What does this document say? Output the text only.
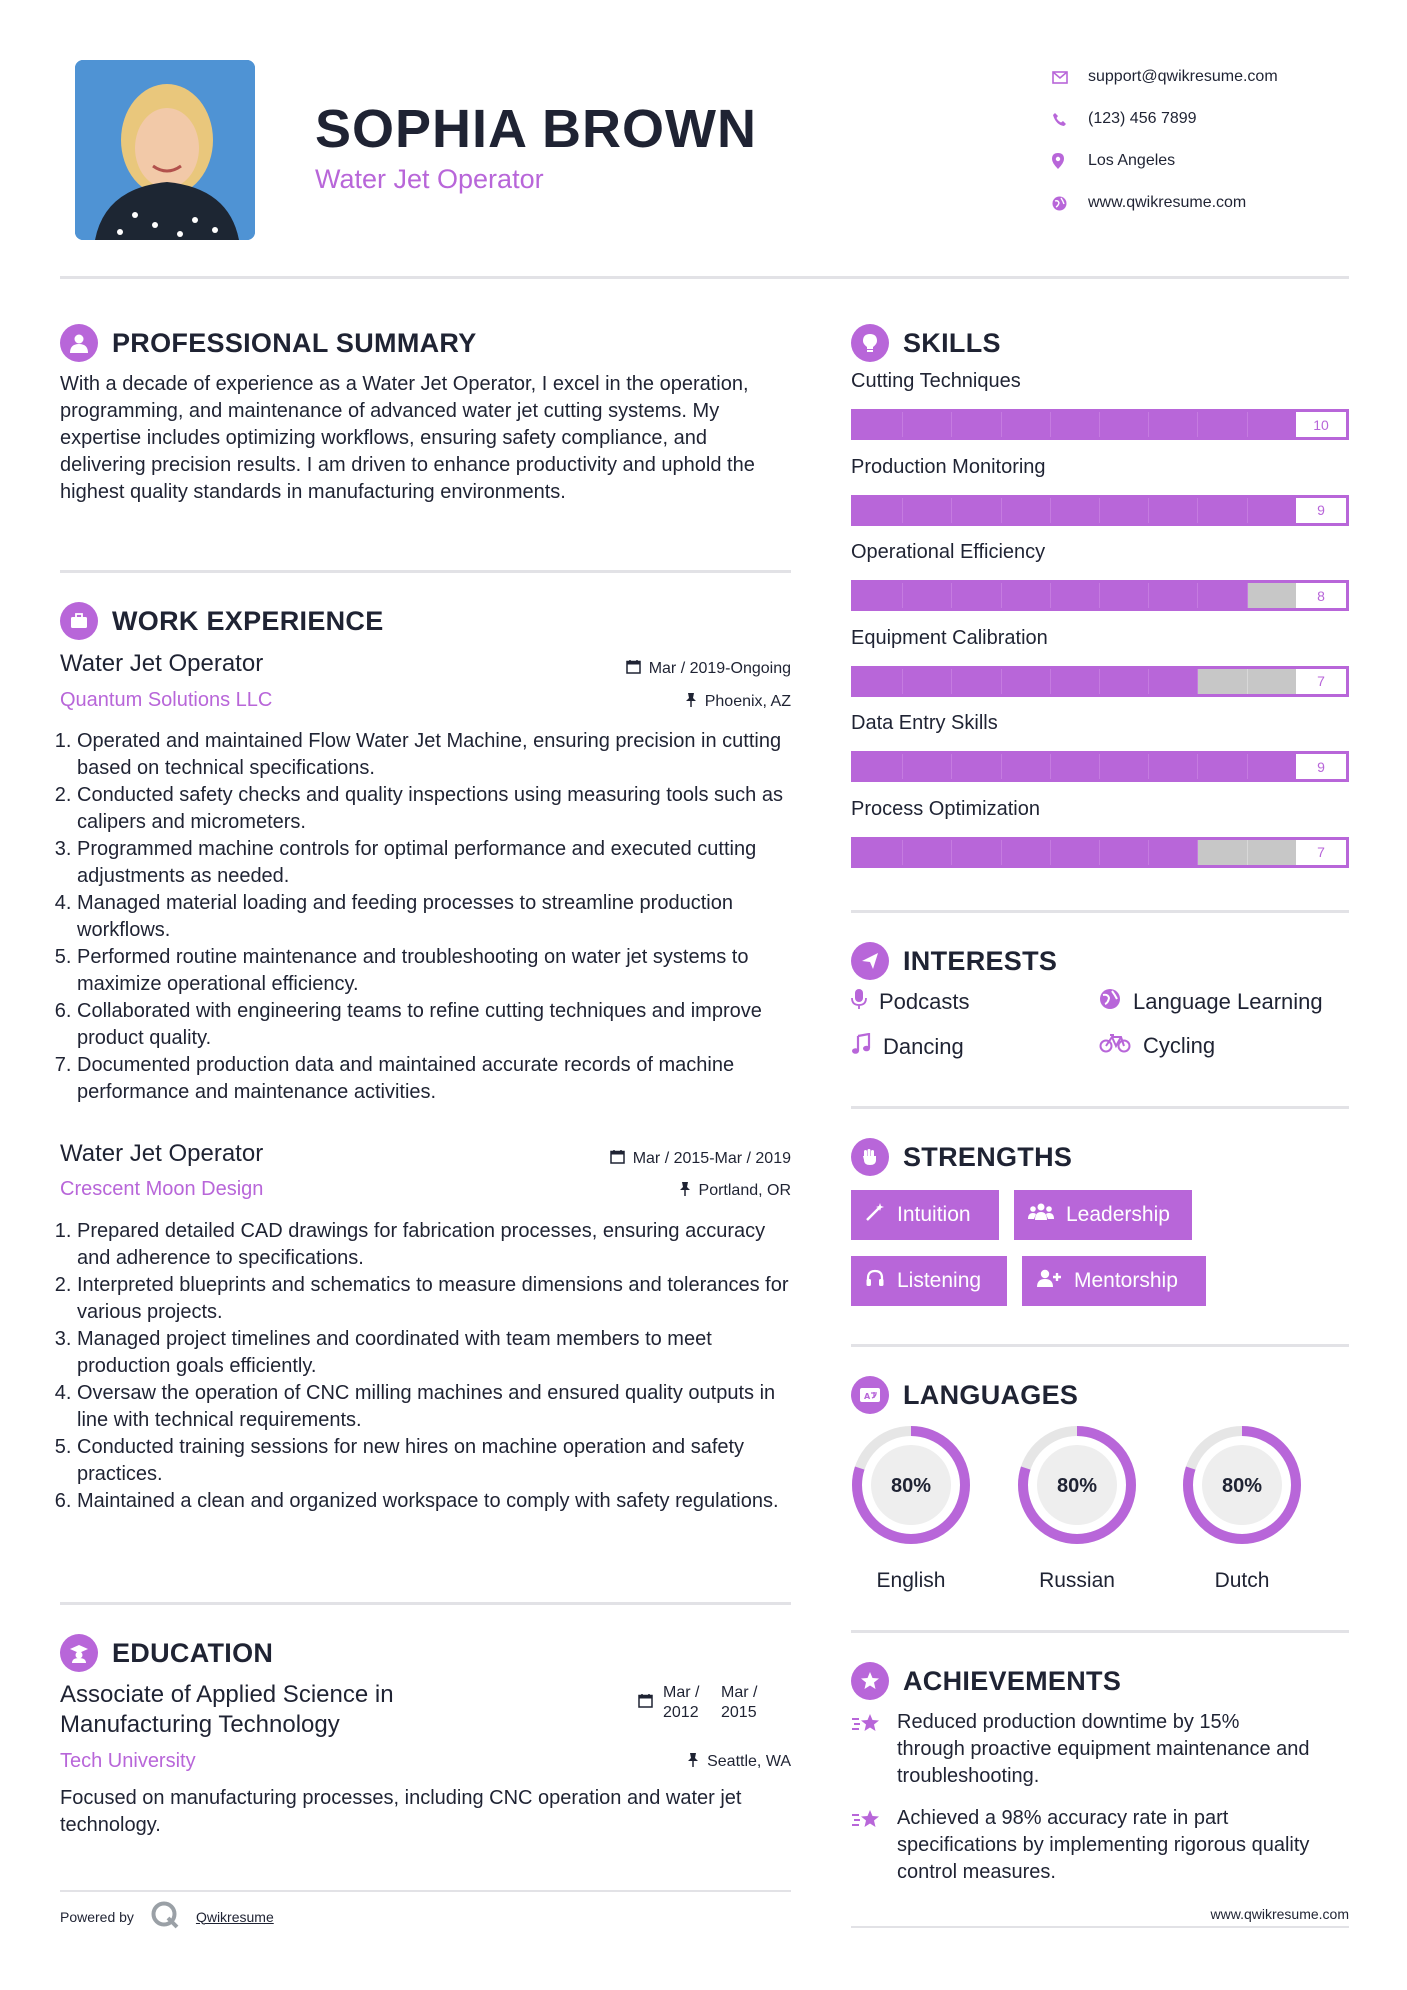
SOPHIA BROWN
Water Jet Operator
support@qwikresume.com
(123) 456 7899
Los Angeles
www.qwikresume.com
PROFESSIONAL SUMMARY
With a decade of experience as a Water Jet Operator, I excel in the operation, programming, and maintenance of advanced water jet cutting systems. My expertise includes optimizing workflows, ensuring safety compliance, and delivering precision results. I am driven to enhance productivity and uphold the highest quality standards in manufacturing environments.
WORK EXPERIENCE
Water Jet Operator	Mar / 2019-Ongoing
Quantum Solutions LLC	Phoenix, AZ
1. Operated and maintained Flow Water Jet Machine, ensuring precision in cutting based on technical specifications.
2. Conducted safety checks and quality inspections using measuring tools such as calipers and micrometers.
3. Programmed machine controls for optimal performance and executed cutting adjustments as needed.
4. Managed material loading and feeding processes to streamline production workflows.
5. Performed routine maintenance and troubleshooting on water jet systems to maximize operational efficiency.
6. Collaborated with engineering teams to refine cutting techniques and improve product quality.
7. Documented production data and maintained accurate records of machine performance and maintenance activities.
Water Jet Operator	Mar / 2015-Mar / 2019
Crescent Moon Design	Portland, OR
1. Prepared detailed CAD drawings for fabrication processes, ensuring accuracy and adherence to specifications.
2. Interpreted blueprints and schematics to measure dimensions and tolerances for various projects.
3. Managed project timelines and coordinated with team members to meet production goals efficiently.
4. Oversaw the operation of CNC milling machines and ensured quality outputs in line with technical requirements.
5. Conducted training sessions for new hires on machine operation and safety practices.
6. Maintained a clean and organized workspace to comply with safety regulations.
EDUCATION
Associate of Applied Science in Manufacturing Technology
Mar / 2012
Mar / 2015
Tech University	Seattle, WA
Focused on manufacturing processes, including CNC operation and water jet technology.
SKILLS
Cutting Techniques
10
Production Monitoring
9
Operational Efficiency
8
Equipment Calibration
7
Data Entry Skills
9
Process Optimization
7
INTERESTS
Podcasts	Language Learning
Dancing	Cycling
STRENGTHS
Intuition	Leadership
Listening	Mentorship
A LANGUAGES
80%
English
80%
Russian
80%
Dutch
ACHIEVEMENTS
Reduced production downtime by 15% through proactive equipment maintenance and troubleshooting.
Achieved a 98% accuracy rate in part specifications by implementing rigorous quality control measures.
Powered by	Qwikresume	www.qwikresume.com
